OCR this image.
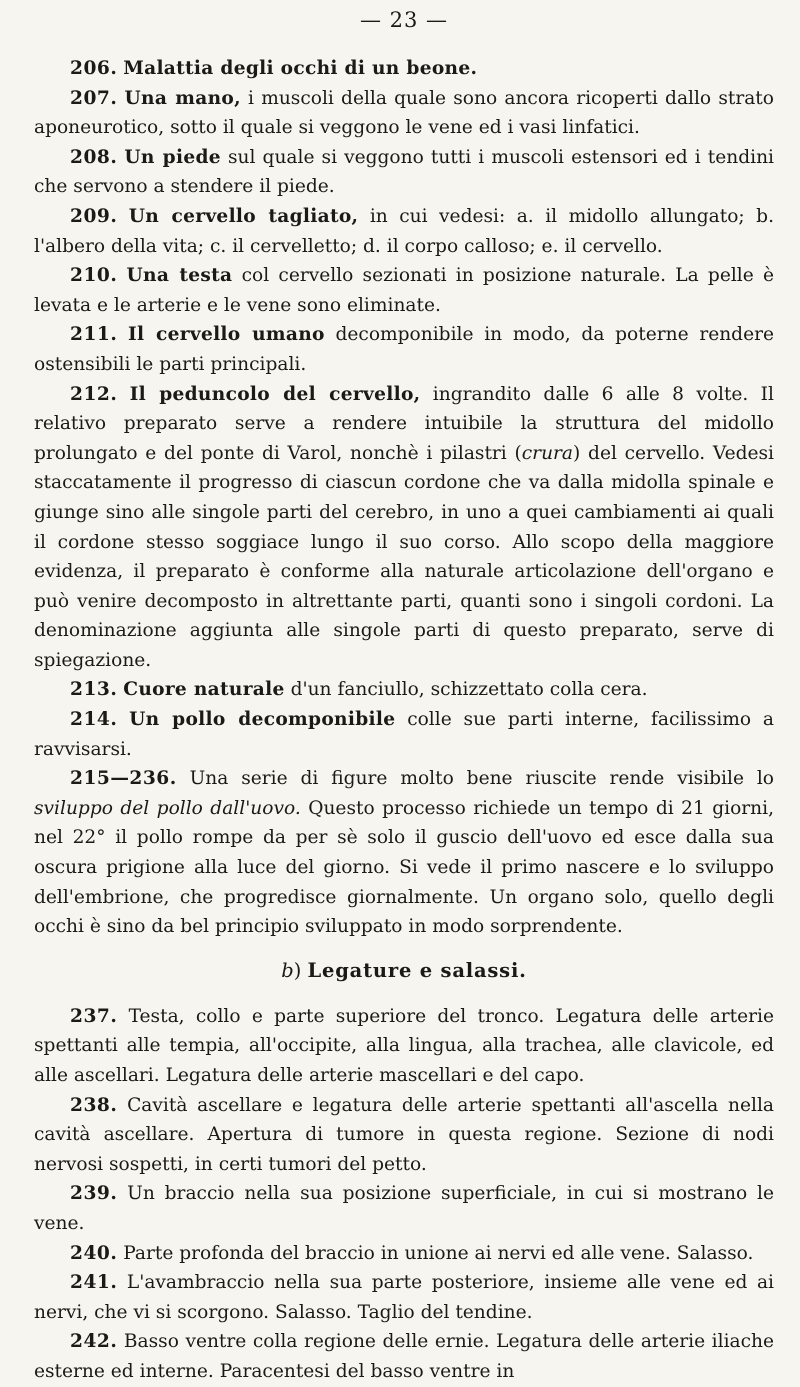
— 23 —

206. Malattia degli occhi di un beone.

207. Una mano, i muscoli della quale sono ancora ricoperti dallo strato aponeurotico, sotto il quale si veggono le vene ed i vasi linfatici.

208. Un piede sul quale si veggono tutti i muscoli estensori ed i tendini che servono a stendere il piede.

209. Un cervello tagliato, in cui vedesi: a. il midollo allungato; b. l'albero della vita; c. il cervelletto; d. il corpo calloso; e. il cervello.

210. Una testa col cervello sezionati in posizione naturale. La pelle è levata e le arterie e le vene sono eliminate.

211. Il cervello umano decomponibile in modo, da poterne rendere ostensibili le parti principali.

212. Il peduncolo del cervello, ingrandito dalle 6 alle 8 volte. Il relativo preparato serve a rendere intuibile la struttura del midollo prolungato e del ponte di Varol, nonchè i pilastri (crura) del cervello. Vedesi staccatamente il progresso di ciascun cordone che va dalla midolla spinale e giunge sino alle singole parti del cerebro, in uno a quei cambiamenti ai quali il cordone stesso soggiace lungo il suo corso. Allo scopo della maggiore evidenza, il preparato è conforme alla naturale articolazione dell'organo e può venire decomposto in altrettante parti, quanti sono i singoli cordoni. La denominazione aggiunta alle singole parti di questo preparato, serve di spiegazione.

213. Cuore naturale d'un fanciullo, schizzettato colla cera.

214. Un pollo decomponibile colle sue parti interne, facilissimo a ravvisarsi.

215—236. Una serie di figure molto bene riuscite rende visibile lo sviluppo del pollo dall'uovo. Questo processo richiede un tempo di 21 giorni, nel 22° il pollo rompe da per sè solo il guscio dell'uovo ed esce dalla sua oscura prigione alla luce del giorno. Si vede il primo nascere e lo sviluppo dell'embrione, che progredisce giornalmente. Un organo solo, quello degli occhi è sino da bel principio sviluppato in modo sorprendente.

b) Legature e salassi.

237. Testa, collo e parte superiore del tronco. Legatura delle arterie spettanti alle tempia, all'occipite, alla lingua, alla trachea, alle clavicole, ed alle ascellari. Legatura delle arterie mascellari e del capo.

238. Cavità ascellare e legatura delle arterie spettanti all'ascella nella cavità ascellare. Apertura di tumore in questa regione. Sezione di nodi nervosi sospetti, in certi tumori del petto.

239. Un braccio nella sua posizione superficiale, in cui si mostrano le vene.

240. Parte profonda del braccio in unione ai nervi ed alle vene. Salasso.

241. L'avambraccio nella sua parte posteriore, insieme alle vene ed ai nervi, che vi si scorgono. Salasso. Taglio del tendine.

242. Basso ventre colla regione delle ernie. Legatura delle arterie iliache esterne ed interne. Paracentesi del basso ventre in
